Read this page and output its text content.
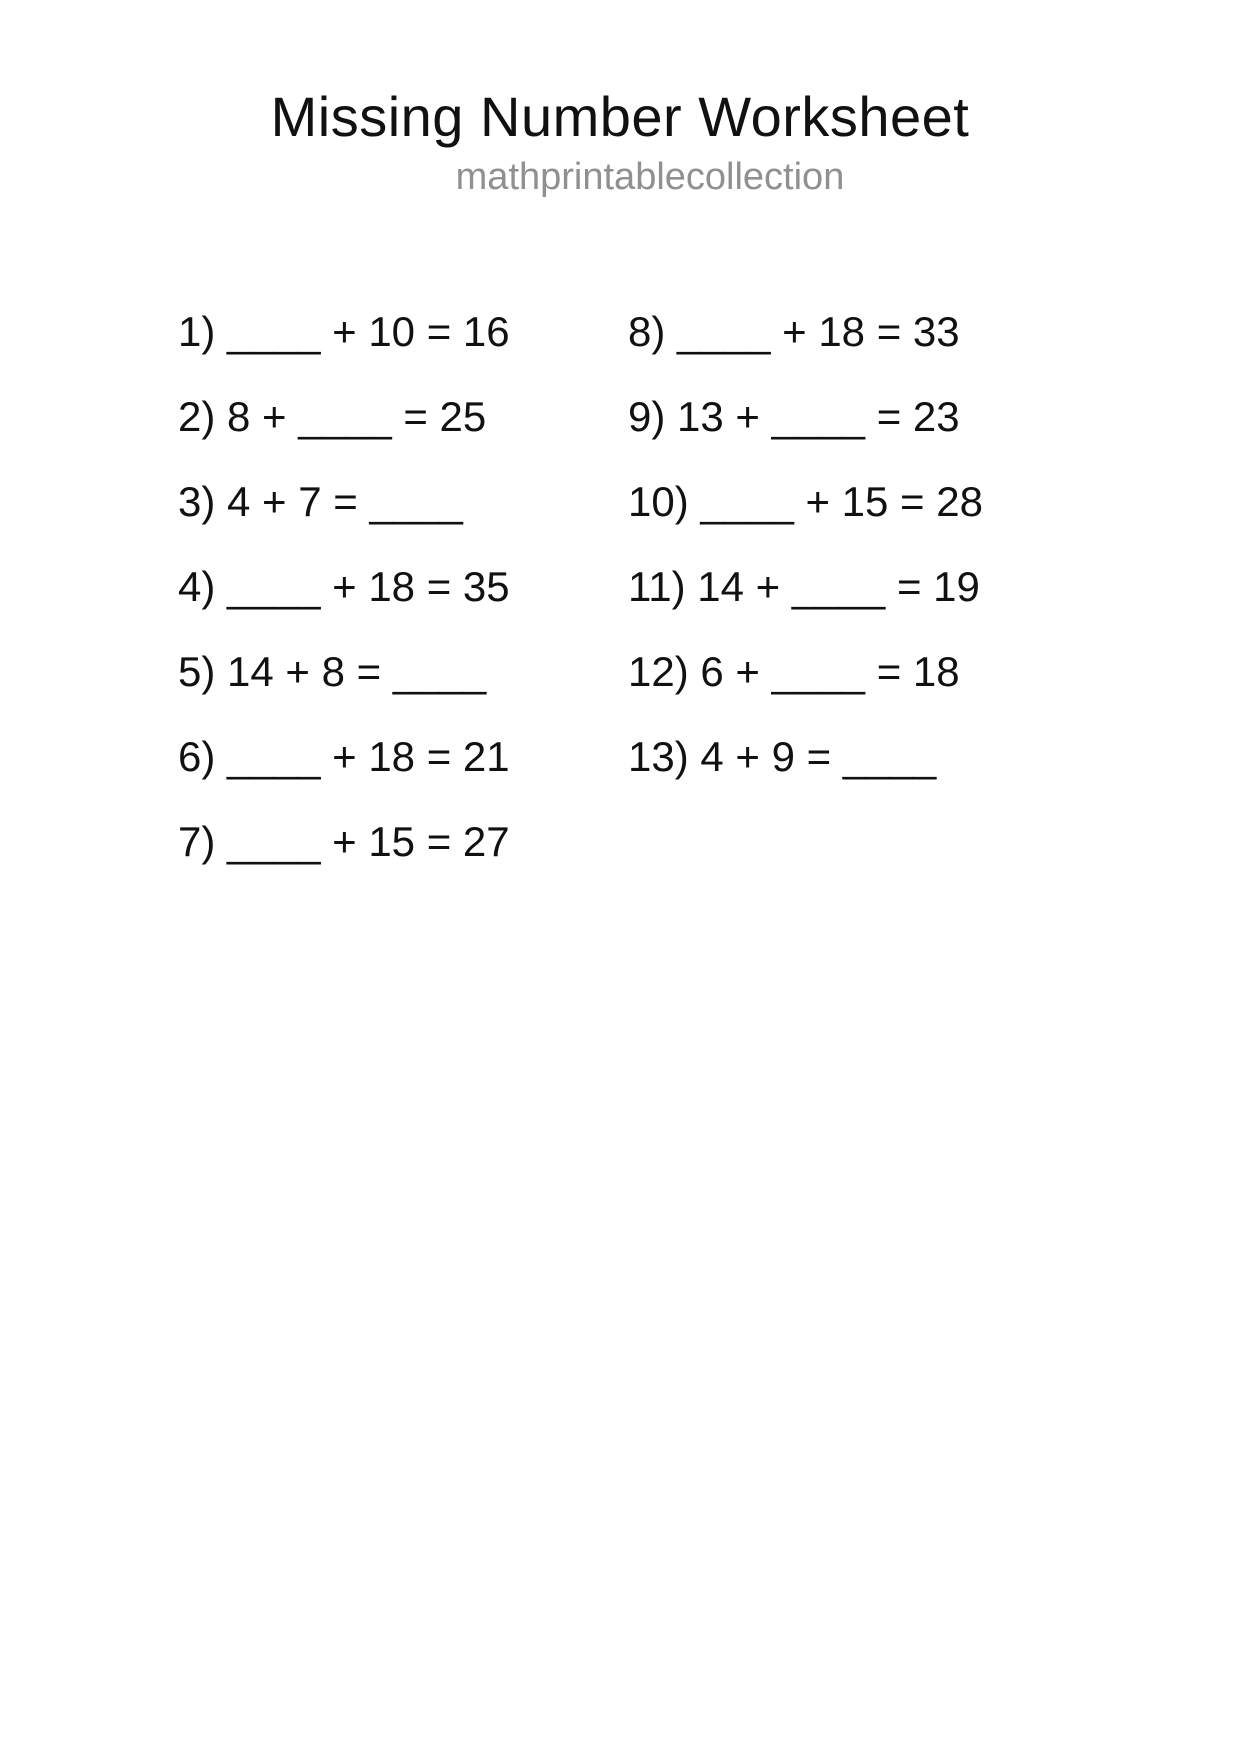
Missing Number Worksheet
mathprintablecollection

1) ____ + 10 = 16

2) 8 + ____ = 25

3) 4 + 7 = ____

4) ____ + 18 = 35

5) 14 + 8 = ____

6) ____ + 18 = 21

7) ____ + 15 = 27

8) ____ + 18 = 33

9) 13 + ____ = 23

10) ____ + 15 = 28

11) 14 + ____ = 19

12) 6 + ____ = 18

13) 4 + 9 = ____
